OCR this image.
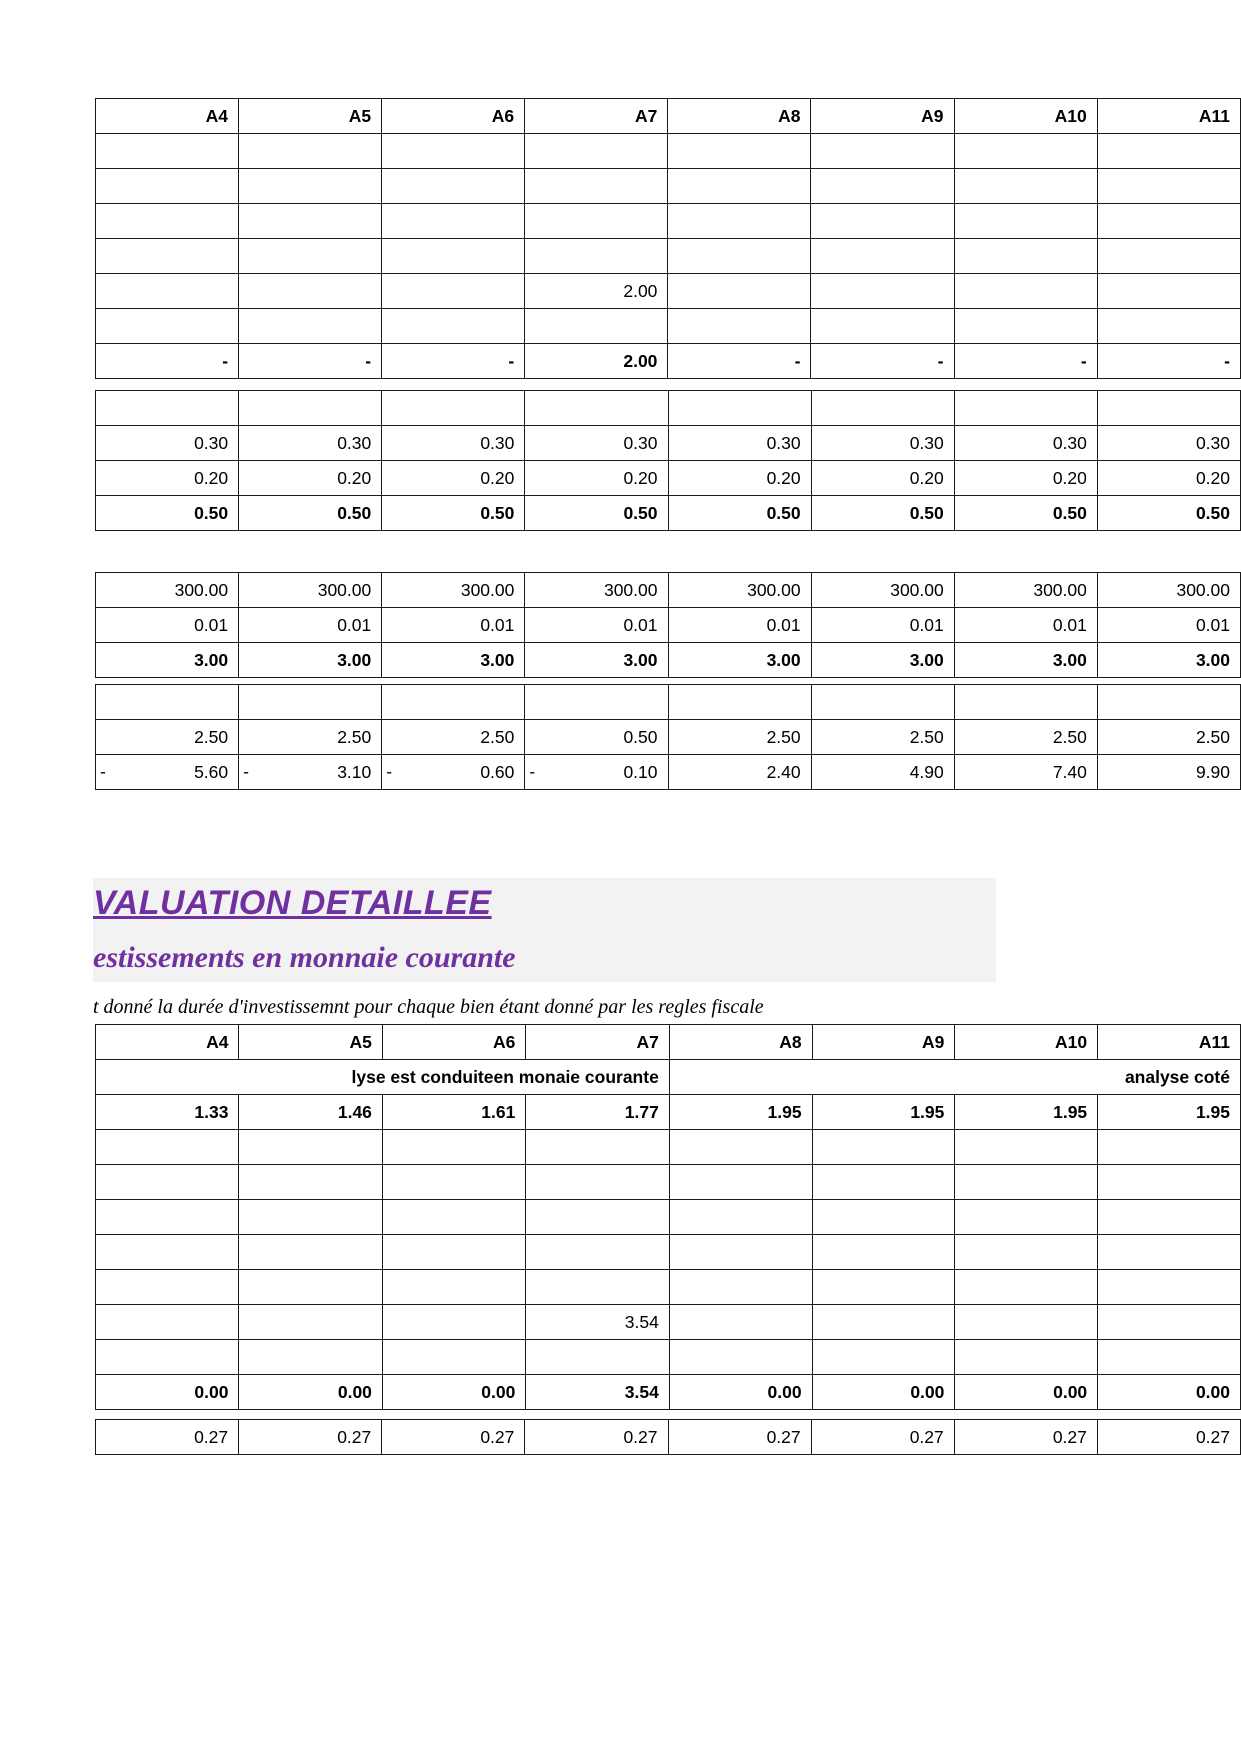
A4	A5	A6	A7	A8	A9	A10	A11

			2.00				

-	-	-	2.00	-	-	-	-

0.30	0.30	0.30	0.30	0.30	0.30	0.30	0.30
0.20	0.20	0.20	0.20	0.20	0.20	0.20	0.20
0.50	0.50	0.50	0.50	0.50	0.50	0.50	0.50
300.00	300.00	300.00	300.00	300.00	300.00	300.00	300.00
0.01	0.01	0.01	0.01	0.01	0.01	0.01	0.01
3.00	3.00	3.00	3.00	3.00	3.00	3.00	3.00

2.50	2.50	2.50	0.50	2.50	2.50	2.50	2.50

- 5.60	- 3.10	- 0.60	- 0.10	2.40	4.90	7.40	9.90
VALUATION DETAILLEE
estissements en monnaie courante
t donné la durée d'investissemnt pour chaque bien étant donné par les regles fiscale
A4	A5	A6	A7	A8	A9	A10	A11
lyse est conduiteen monaie courante				analyse coté			
1.33	1.46	1.61	1.77	1.95	1.95	1.95	1.95

			3.54				

0.00	0.00	0.00	3.54	0.00	0.00	0.00	0.00
0.27	0.27	0.27	0.27	0.27	0.27	0.27	0.27
